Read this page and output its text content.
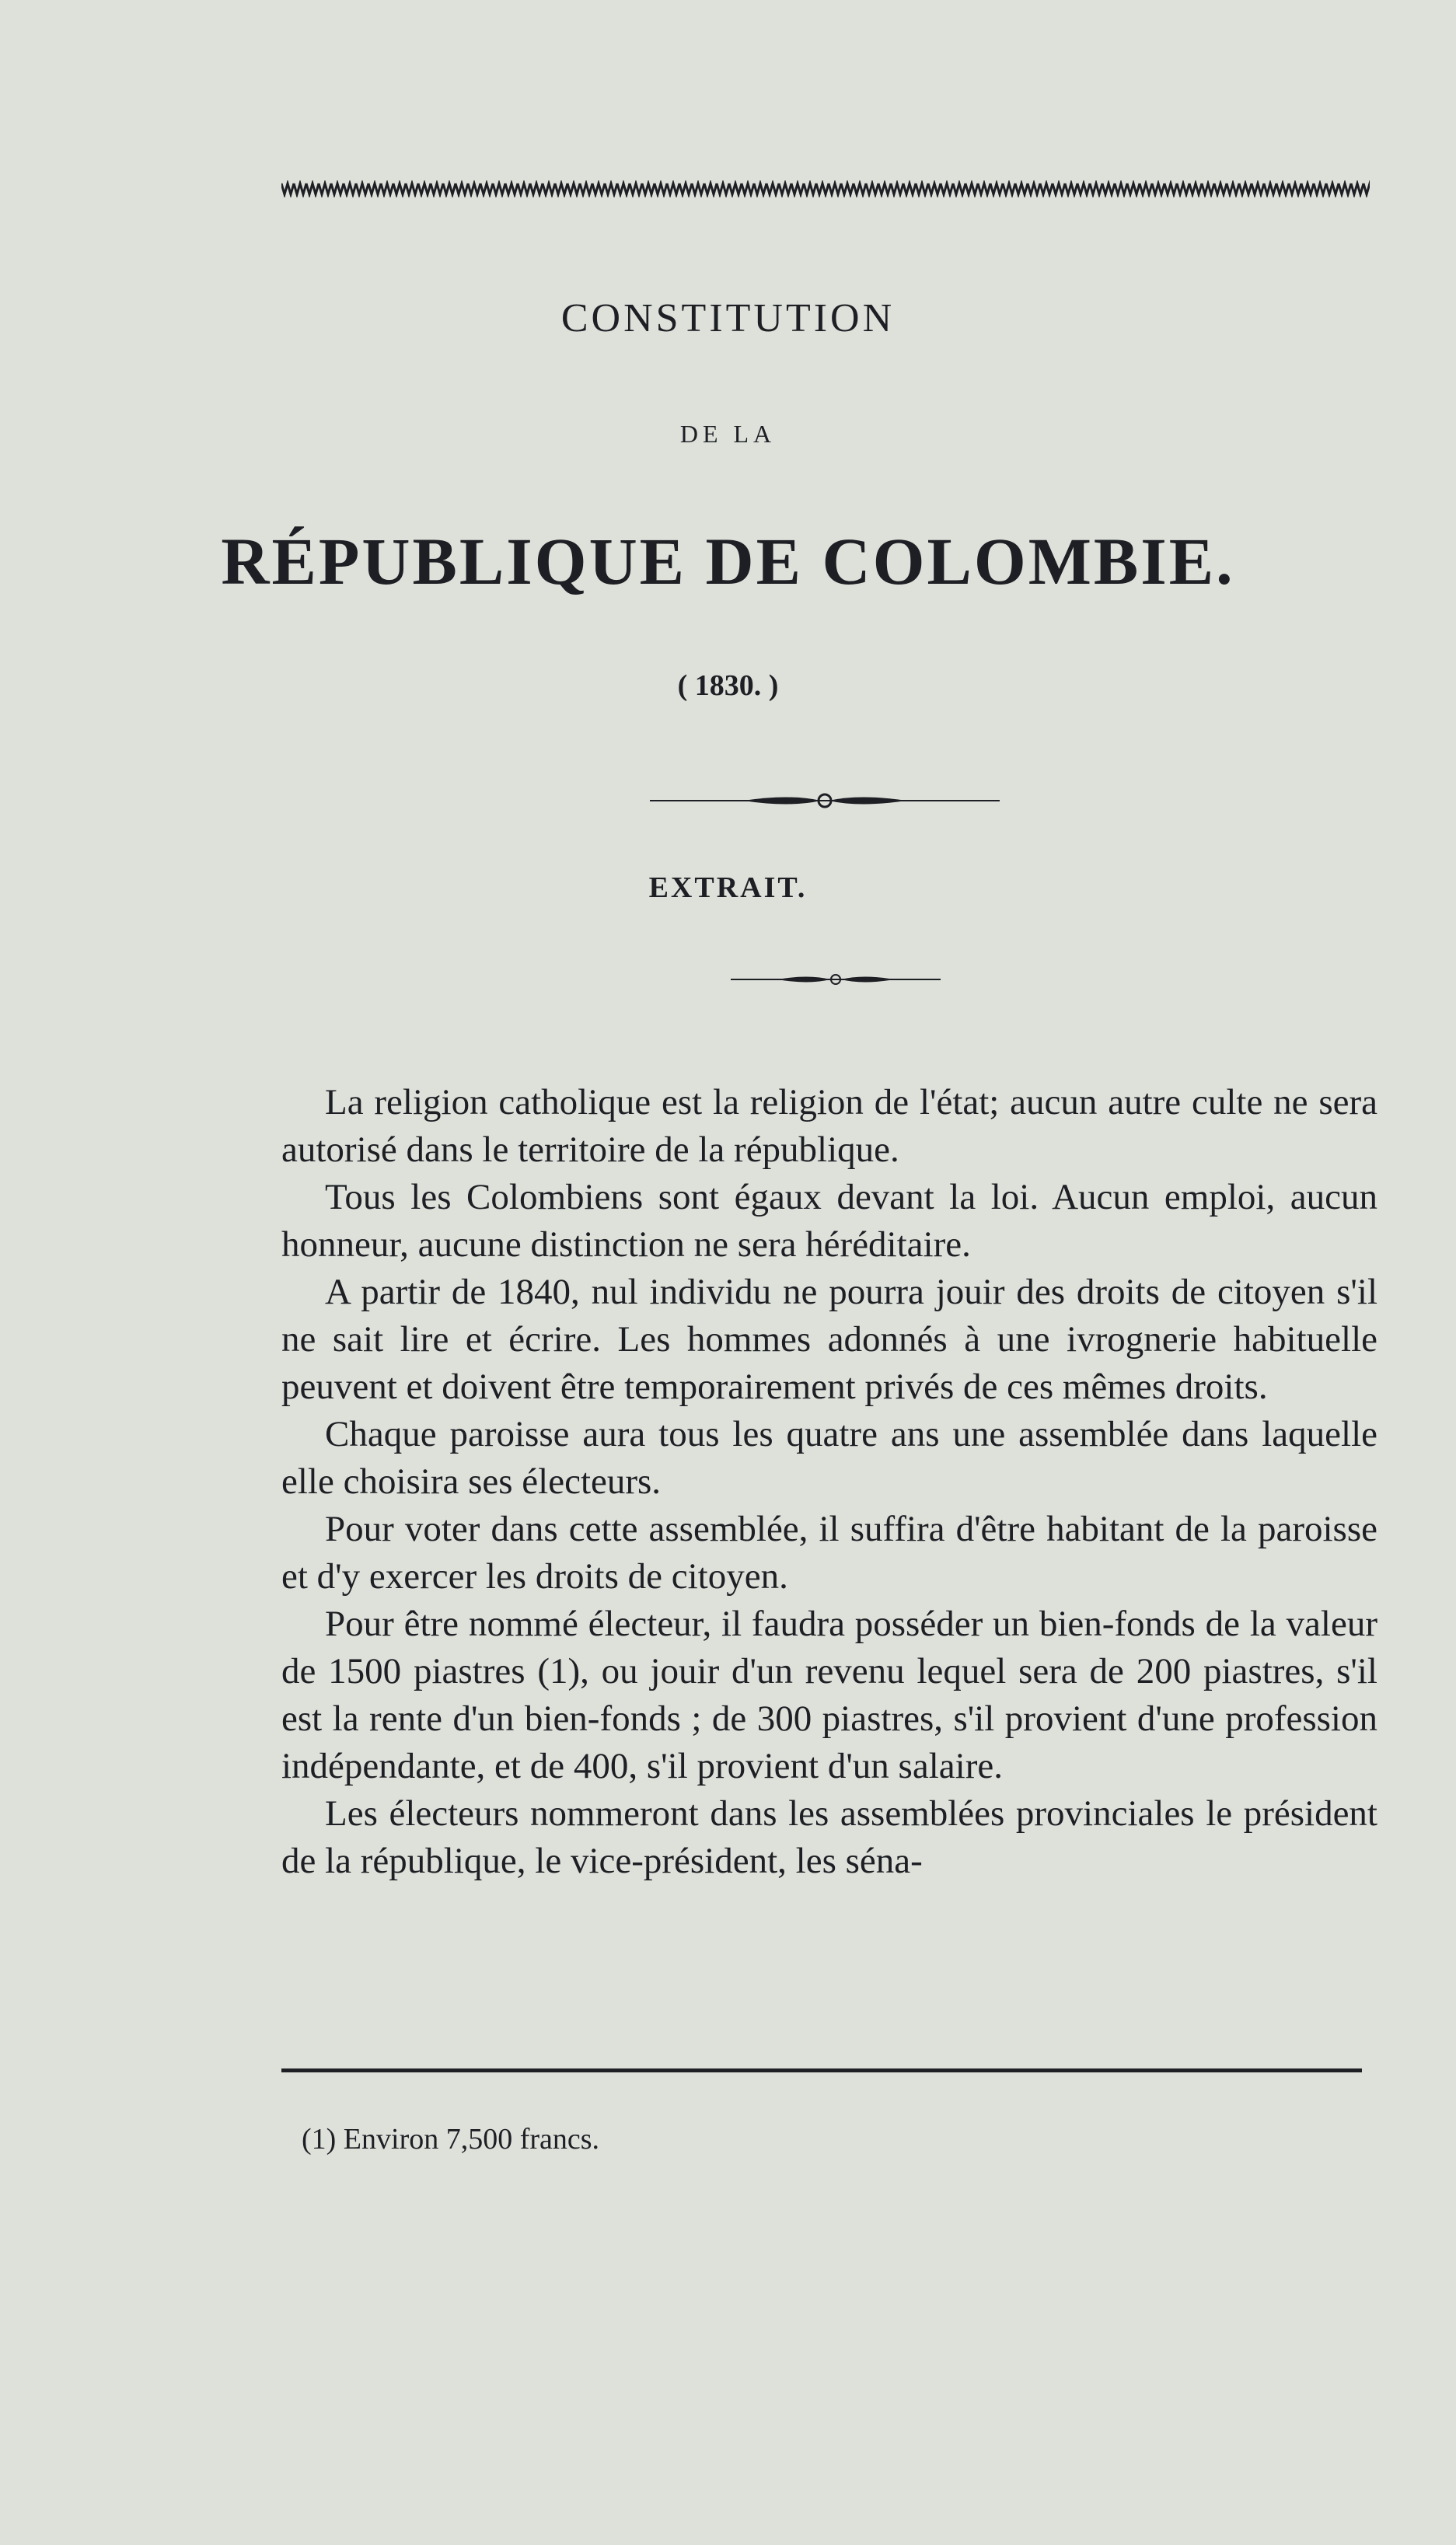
CONSTITUTION
DE LA
RÉPUBLIQUE DE COLOMBIE.
( 1830. )
EXTRAIT.

La religion catholique est la religion de l'état; aucun autre culte ne sera autorisé dans le territoire de la république.

Tous les Colombiens sont égaux devant la loi. Aucun emploi, aucun honneur, aucune distinction ne sera héréditaire.

A partir de 1840, nul individu ne pourra jouir des droits de citoyen s'il ne sait lire et écrire. Les hommes adonnés à une ivrognerie habituelle peuvent et doivent être temporairement privés de ces mêmes droits.

Chaque paroisse aura tous les quatre ans une assemblée dans laquelle elle choisira ses électeurs.

Pour voter dans cette assemblée, il suffira d'être habitant de la paroisse et d'y exercer les droits de citoyen.

Pour être nommé électeur, il faudra posséder un bien-fonds de la valeur de 1500 piastres (1), ou jouir d'un revenu lequel sera de 200 piastres, s'il est la rente d'un bien-fonds ; de 300 piastres, s'il provient d'une profession indépendante, et de 400, s'il provient d'un salaire.

Les électeurs nommeront dans les assemblées provinciales le président de la république, le vice-président, les séna-

(1) Environ 7,500 francs.
